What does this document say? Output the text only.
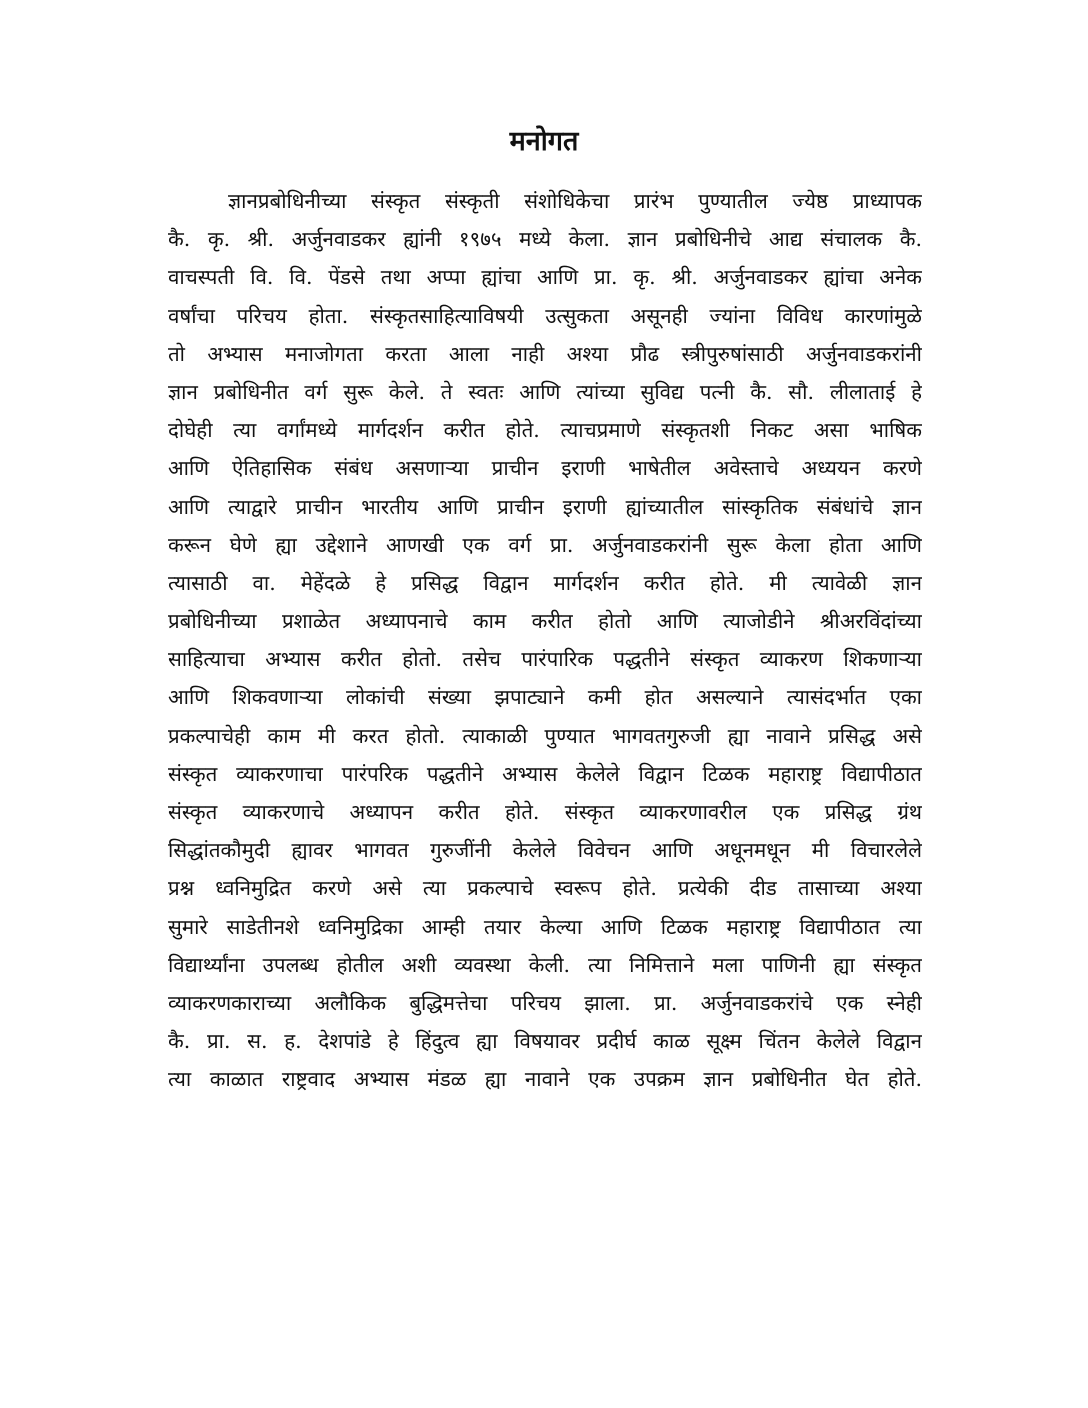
मनोगत
ज्ञानप्रबोधिनीच्या संस्कृत संस्कृती संशोधिकेचा प्रारंभ पुण्यातील ज्येष्ठ प्राध्यापक
कै. कृ. श्री. अर्जुनवाडकर ह्यांनी १९७५ मध्ये केला. ज्ञान प्रबोधिनीचे आद्य संचालक कै.
वाचस्पती वि. वि. पेंडसे तथा अप्पा ह्यांचा आणि प्रा. कृ. श्री. अर्जुनवाडकर ह्यांचा अनेक
वर्षांचा परिचय होता. संस्कृतसाहित्याविषयी उत्सुकता असूनही ज्यांना विविध कारणांमुळे
तो अभ्यास मनाजोगता करता आला नाही अश्या प्रौढ स्त्रीपुरुषांसाठी अर्जुनवाडकरांनी
ज्ञान प्रबोधिनीत वर्ग सुरू केले. ते स्वतः आणि त्यांच्या सुविद्य पत्नी कै. सौ. लीलाताई हे
दोघेही त्या वर्गांमध्ये मार्गदर्शन करीत होते. त्याचप्रमाणे संस्कृतशी निकट असा भाषिक
आणि ऐतिहासिक संबंध असणाऱ्या प्राचीन इराणी भाषेतील अवेस्ताचे अध्ययन करणे
आणि त्याद्वारे प्राचीन भारतीय आणि प्राचीन इराणी ह्यांच्यातील सांस्कृतिक संबंधांचे ज्ञान
करून घेणे ह्या उद्देशाने आणखी एक वर्ग प्रा. अर्जुनवाडकरांनी सुरू केला होता आणि
त्यासाठी वा. मेहेंदळे हे प्रसिद्ध विद्वान मार्गदर्शन करीत होते. मी त्यावेळी ज्ञान
प्रबोधिनीच्या प्रशाळेत अध्यापनाचे काम करीत होतो आणि त्याजोडीने श्रीअरविंदांच्या
साहित्याचा अभ्यास करीत होतो. तसेच पारंपारिक पद्धतीने संस्कृत व्याकरण शिकणाऱ्या
आणि शिकवणाऱ्या लोकांची संख्या झपाट्याने कमी होत असल्याने त्यासंदर्भात एका
प्रकल्पाचेही काम मी करत होतो. त्याकाळी पुण्यात भागवतगुरुजी ह्या नावाने प्रसिद्ध असे
संस्कृत व्याकरणाचा पारंपरिक पद्धतीने अभ्यास केलेले विद्वान टिळक महाराष्ट्र विद्यापीठात
संस्कृत व्याकरणाचे अध्यापन करीत होते. संस्कृत व्याकरणावरील एक प्रसिद्ध ग्रंथ
सिद्धांतकौमुदी ह्यावर भागवत गुरुजींनी केलेले विवेचन आणि अधूनमधून मी विचारलेले
प्रश्न ध्वनिमुद्रित करणे असे त्या प्रकल्पाचे स्वरूप होते. प्रत्येकी दीड तासाच्या अश्या
सुमारे साडेतीनशे ध्वनिमुद्रिका आम्ही तयार केल्या आणि टिळक महाराष्ट्र विद्यापीठात त्या
विद्यार्थ्यांना उपलब्ध होतील अशी व्यवस्था केली. त्या निमित्ताने मला पाणिनी ह्या संस्कृत
व्याकरणकाराच्या अलौकिक बुद्धिमत्तेचा परिचय झाला. प्रा. अर्जुनवाडकरांचे एक स्नेही
कै. प्रा. स. ह. देशपांडे हे हिंदुत्व ह्या विषयावर प्रदीर्घ काळ सूक्ष्म चिंतन केलेले विद्वान
त्या काळात राष्ट्रवाद अभ्यास मंडळ ह्या नावाने एक उपक्रम ज्ञान प्रबोधिनीत घेत होते.
